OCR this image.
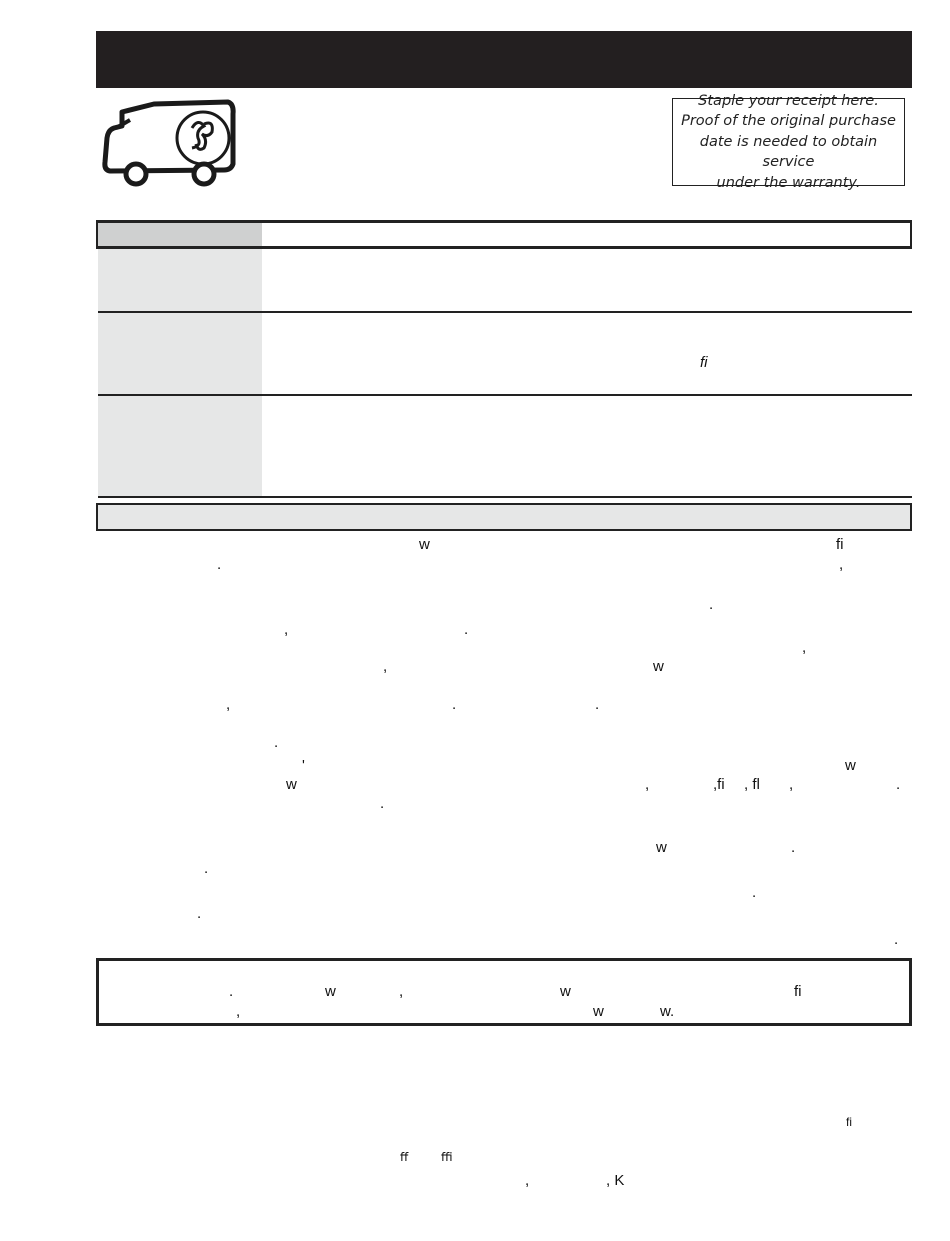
Staple your receipt here.
Proof of the original purchase
date is needed to obtain service
under the warranty.
ﬁ
w	ﬁ
.	,
.
,	.
,
,	w
,	.	.
.
'	w
w	,	,ﬁ , ﬂ ,	.
.
w	.
.
.
.
.
.	w	,	w	ﬁ
,	w	w.
ﬁ
ﬀ	ﬃ
,	, K
